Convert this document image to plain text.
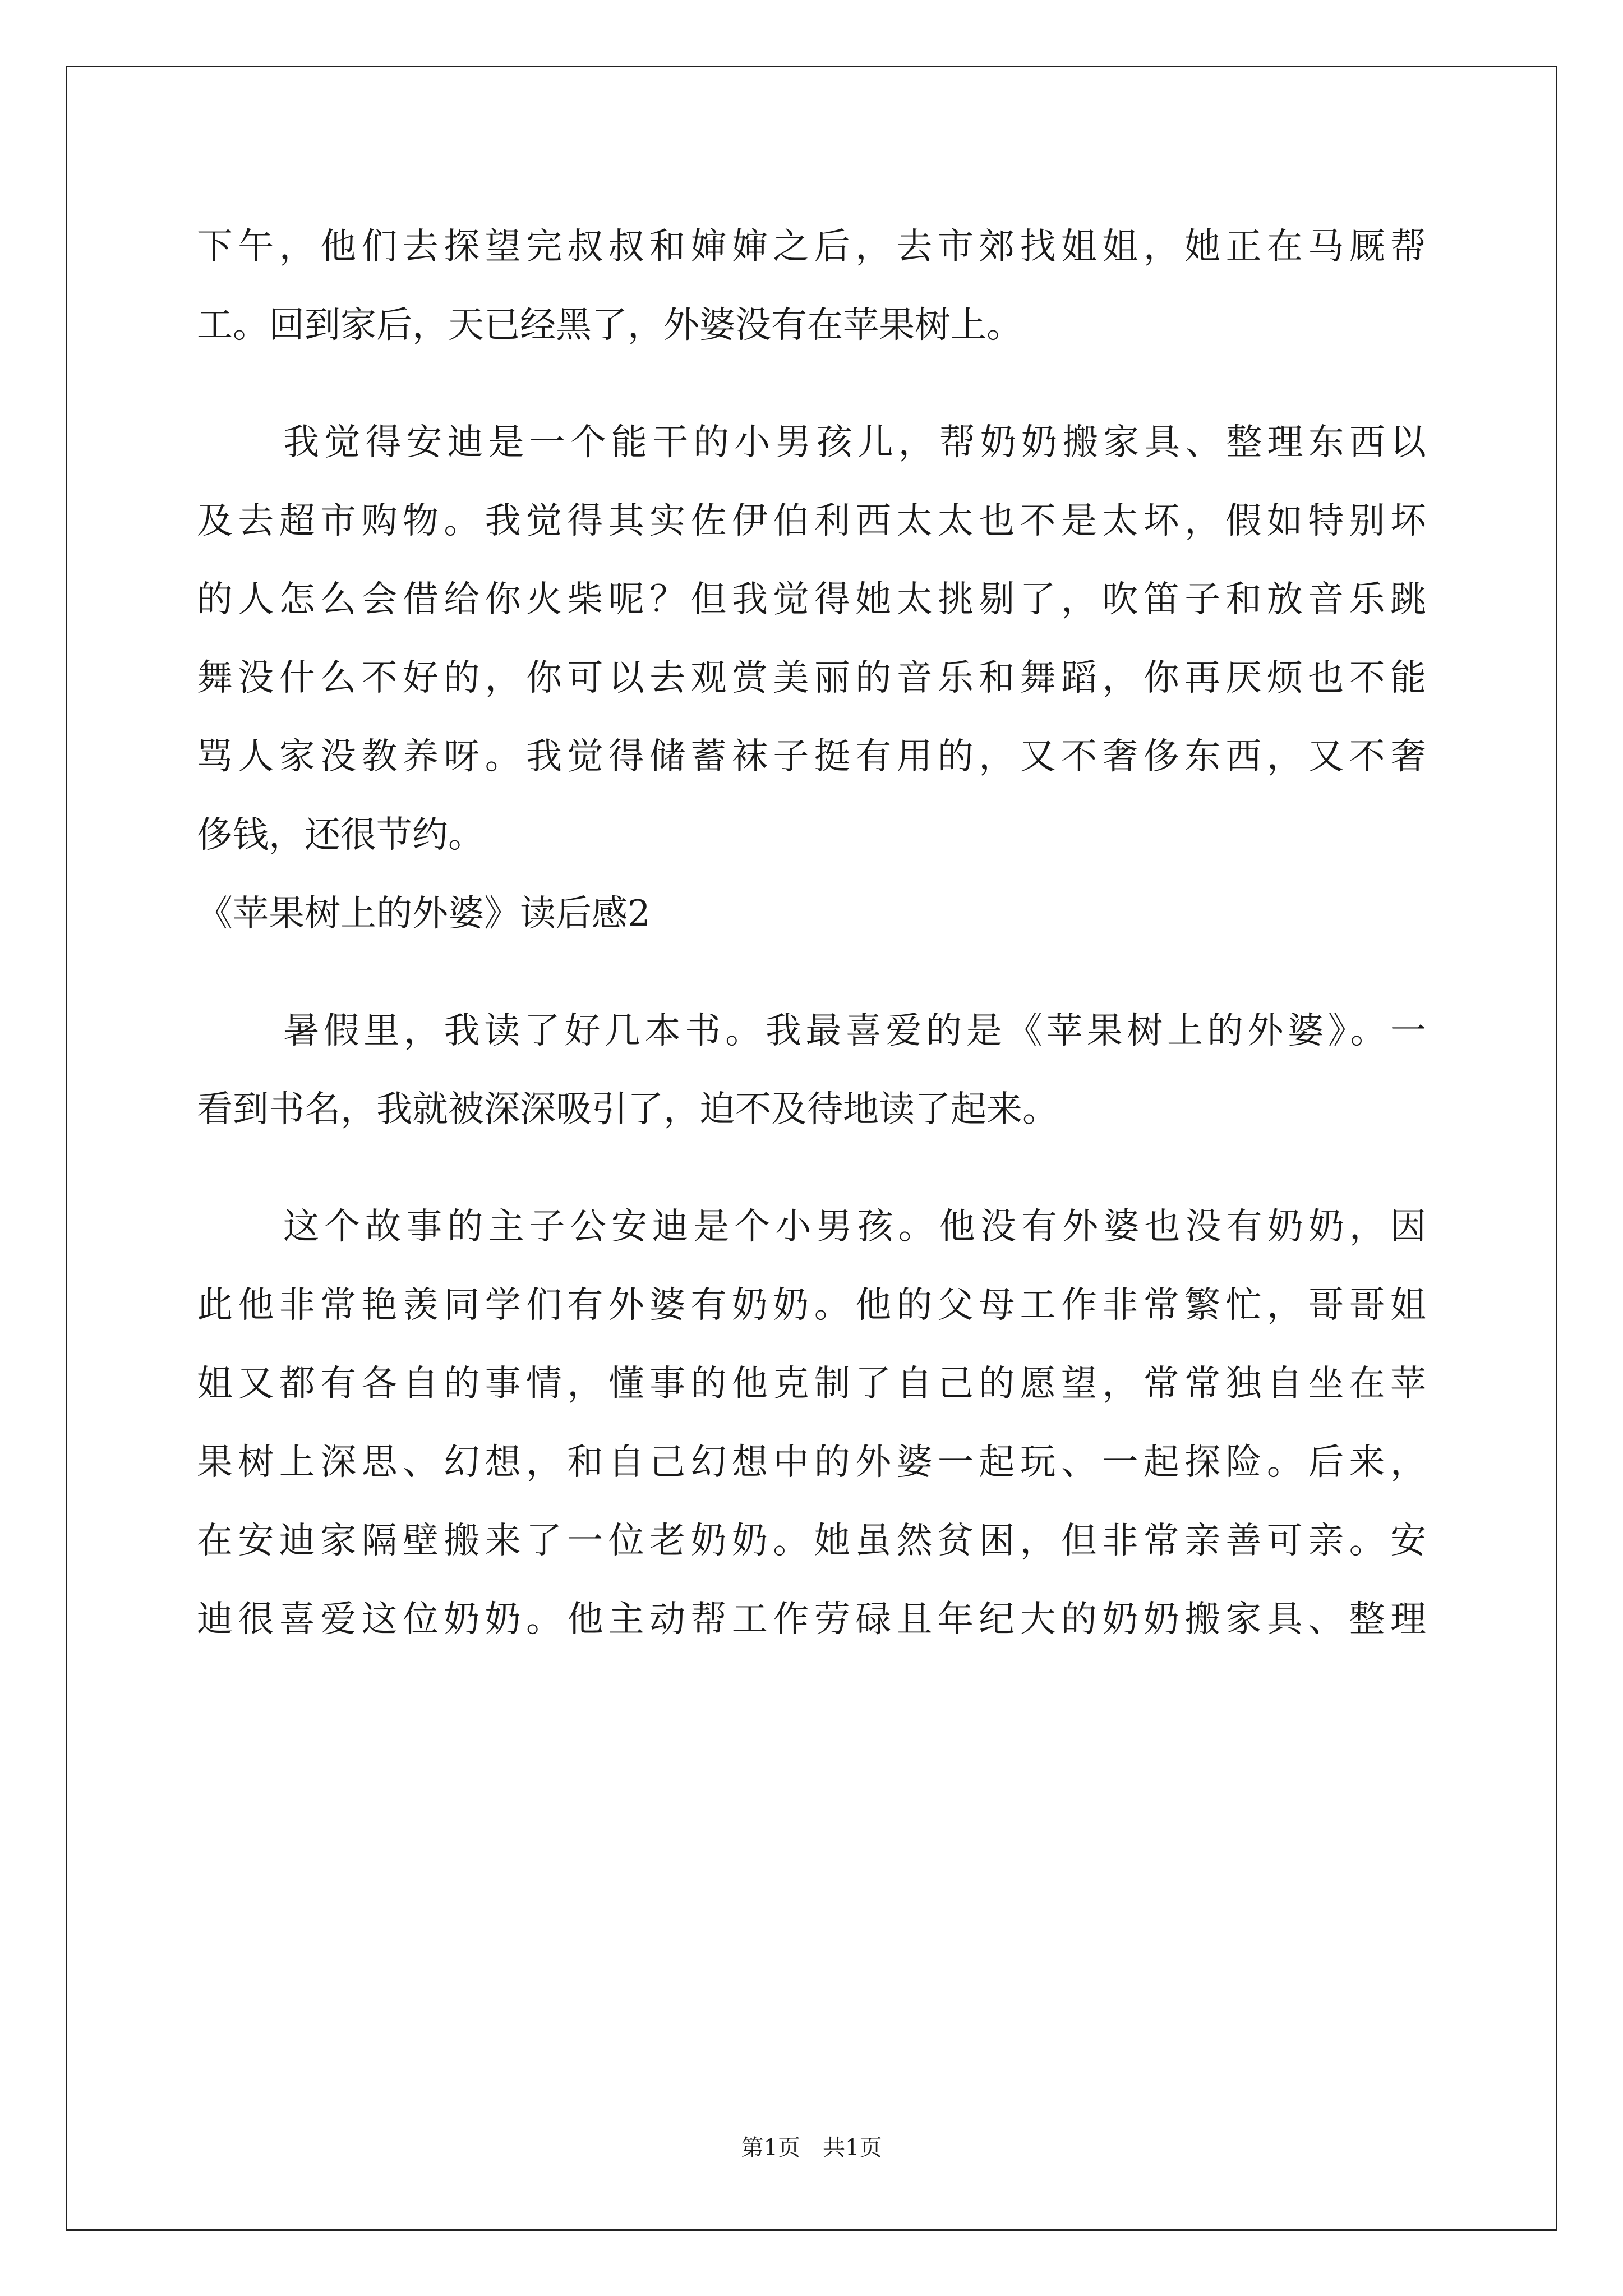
下午，他们去探望完叔叔和婶婶之后，去市郊找姐姐，她正在马厩帮
工。回到家后，天已经黑了，外婆没有在苹果树上。
我觉得安迪是一个能干的小男孩儿，帮奶奶搬家具、整理东西以
及去超市购物。我觉得其实佐伊伯利西太太也不是太坏，假如特别坏
的人怎么会借给你火柴呢？但我觉得她太挑剔了，吹笛子和放音乐跳
舞没什么不好的，你可以去观赏美丽的音乐和舞蹈，你再厌烦也不能
骂人家没教养呀。我觉得储蓄袜子挺有用的，又不奢侈东西，又不奢
侈钱，还很节约。
《苹果树上的外婆》读后感2
暑假里，我读了好几本书。我最喜爱的是《苹果树上的外婆》。一
看到书名，我就被深深吸引了，迫不及待地读了起来。
这个故事的主子公安迪是个小男孩。他没有外婆也没有奶奶，因
此他非常艳羡同学们有外婆有奶奶。他的父母工作非常繁忙，哥哥姐
姐又都有各自的事情，懂事的他克制了自己的愿望，常常独自坐在苹
果树上深思、幻想，和自己幻想中的外婆一起玩、一起探险。后来，
在安迪家隔壁搬来了一位老奶奶。她虽然贫困，但非常亲善可亲。安
迪很喜爱这位奶奶。他主动帮工作劳碌且年纪大的奶奶搬家具、整理
第1页　共1页
